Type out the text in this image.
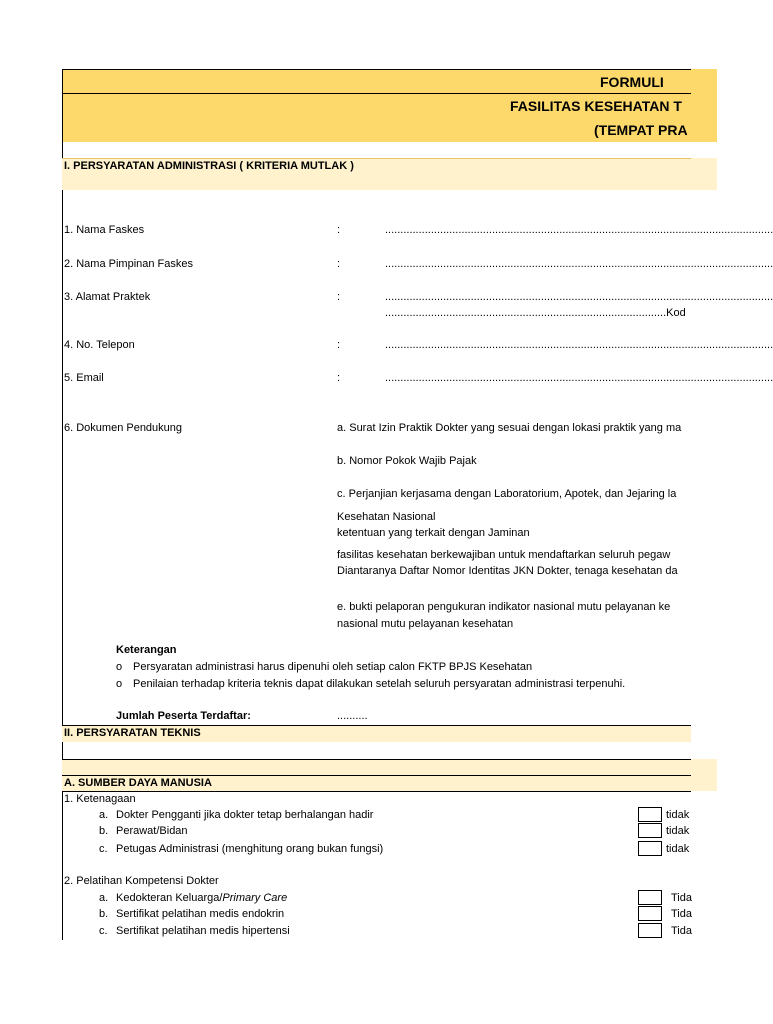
FORMULI
FASILITAS KESEHATAN T
(TEMPAT PRA
I. PERSYARATAN ADMINISTRASI ( KRITERIA MUTLAK )
1. Nama Faskes	:	...............................................................................................................................
2. Nama Pimpinan Faskes	:	...............................................................................................................................
3. Alamat Praktek	:	...............................................................................................................................
............................................................................................Kod
4. No. Telepon	:	...............................................................................................................................
5. Email	:	...............................................................................................................................
6. Dokumen Pendukung	a. Surat Izin Praktik Dokter yang sesuai dengan lokasi praktik yang ma
b. Nomor Pokok Wajib Pajak
c. Perjanjian kerjasama dengan Laboratorium, Apotek, dan Jejaring la
Kesehatan Nasional
ketentuan yang terkait dengan Jaminan
fasilitas kesehatan berkewajiban untuk mendaftarkan seluruh pegaw
Diantaranya Daftar Nomor Identitas JKN Dokter, tenaga kesehatan da
e. bukti pelaporan pengukuran indikator nasional mutu pelayanan ke
nasional mutu pelayanan kesehatan
Keterangan
o Persyaratan administrasi harus dipenuhi oleh setiap calon FKTP BPJS Kesehatan
o Penilaian terhadap kriteria teknis dapat dilakukan setelah seluruh persyaratan administrasi terpenuhi.
Jumlah Peserta Terdaftar:	..........
II. PERSYARATAN TEKNIS
A. SUMBER DAYA MANUSIA
1. Ketenagaan
a. Dokter Pengganti jika dokter tetap berhalangan hadir	tidak
b. Perawat/Bidan	tidak
c. Petugas Administrasi (menghitung orang bukan fungsi)	tidak
2. Pelatihan Kompetensi Dokter
a. Kedokteran Keluarga/Primary Care	Tida
b. Sertifikat pelatihan medis endokrin	Tida
c. Sertifikat pelatihan medis hipertensi	Tida
